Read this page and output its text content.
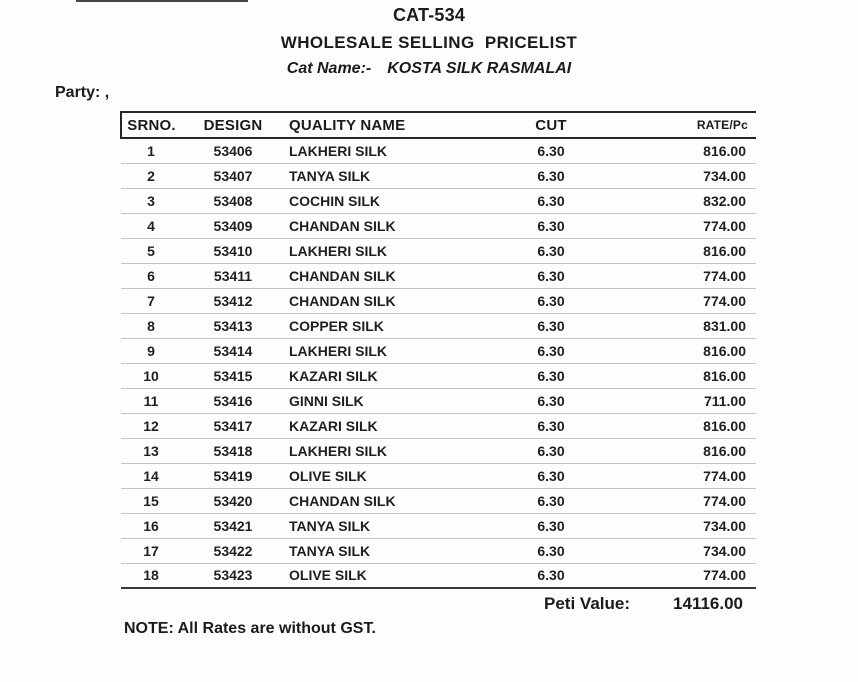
CAT-534
WHOLESALE SELLING  PRICELIST
Cat Name:- KOSTA SILK RASMALAI
Party: ,
SRNO.	DESIGN	QUALITY NAME	CUT	RATE/Pc
1	53406	LAKHERI SILK	6.30	816.00
2	53407	TANYA SILK	6.30	734.00
3	53408	COCHIN SILK	6.30	832.00
4	53409	CHANDAN SILK	6.30	774.00
5	53410	LAKHERI SILK	6.30	816.00
6	53411	CHANDAN SILK	6.30	774.00
7	53412	CHANDAN SILK	6.30	774.00
8	53413	COPPER SILK	6.30	831.00
9	53414	LAKHERI SILK	6.30	816.00
10	53415	KAZARI SILK	6.30	816.00
11	53416	GINNI SILK	6.30	711.00
12	53417	KAZARI SILK	6.30	816.00
13	53418	LAKHERI SILK	6.30	816.00
14	53419	OLIVE SILK	6.30	774.00
15	53420	CHANDAN SILK	6.30	774.00
16	53421	TANYA SILK	6.30	734.00
17	53422	TANYA SILK	6.30	734.00
18	53423	OLIVE SILK	6.30	774.00
Peti Value:	14116.00
NOTE: All Rates are without GST.
